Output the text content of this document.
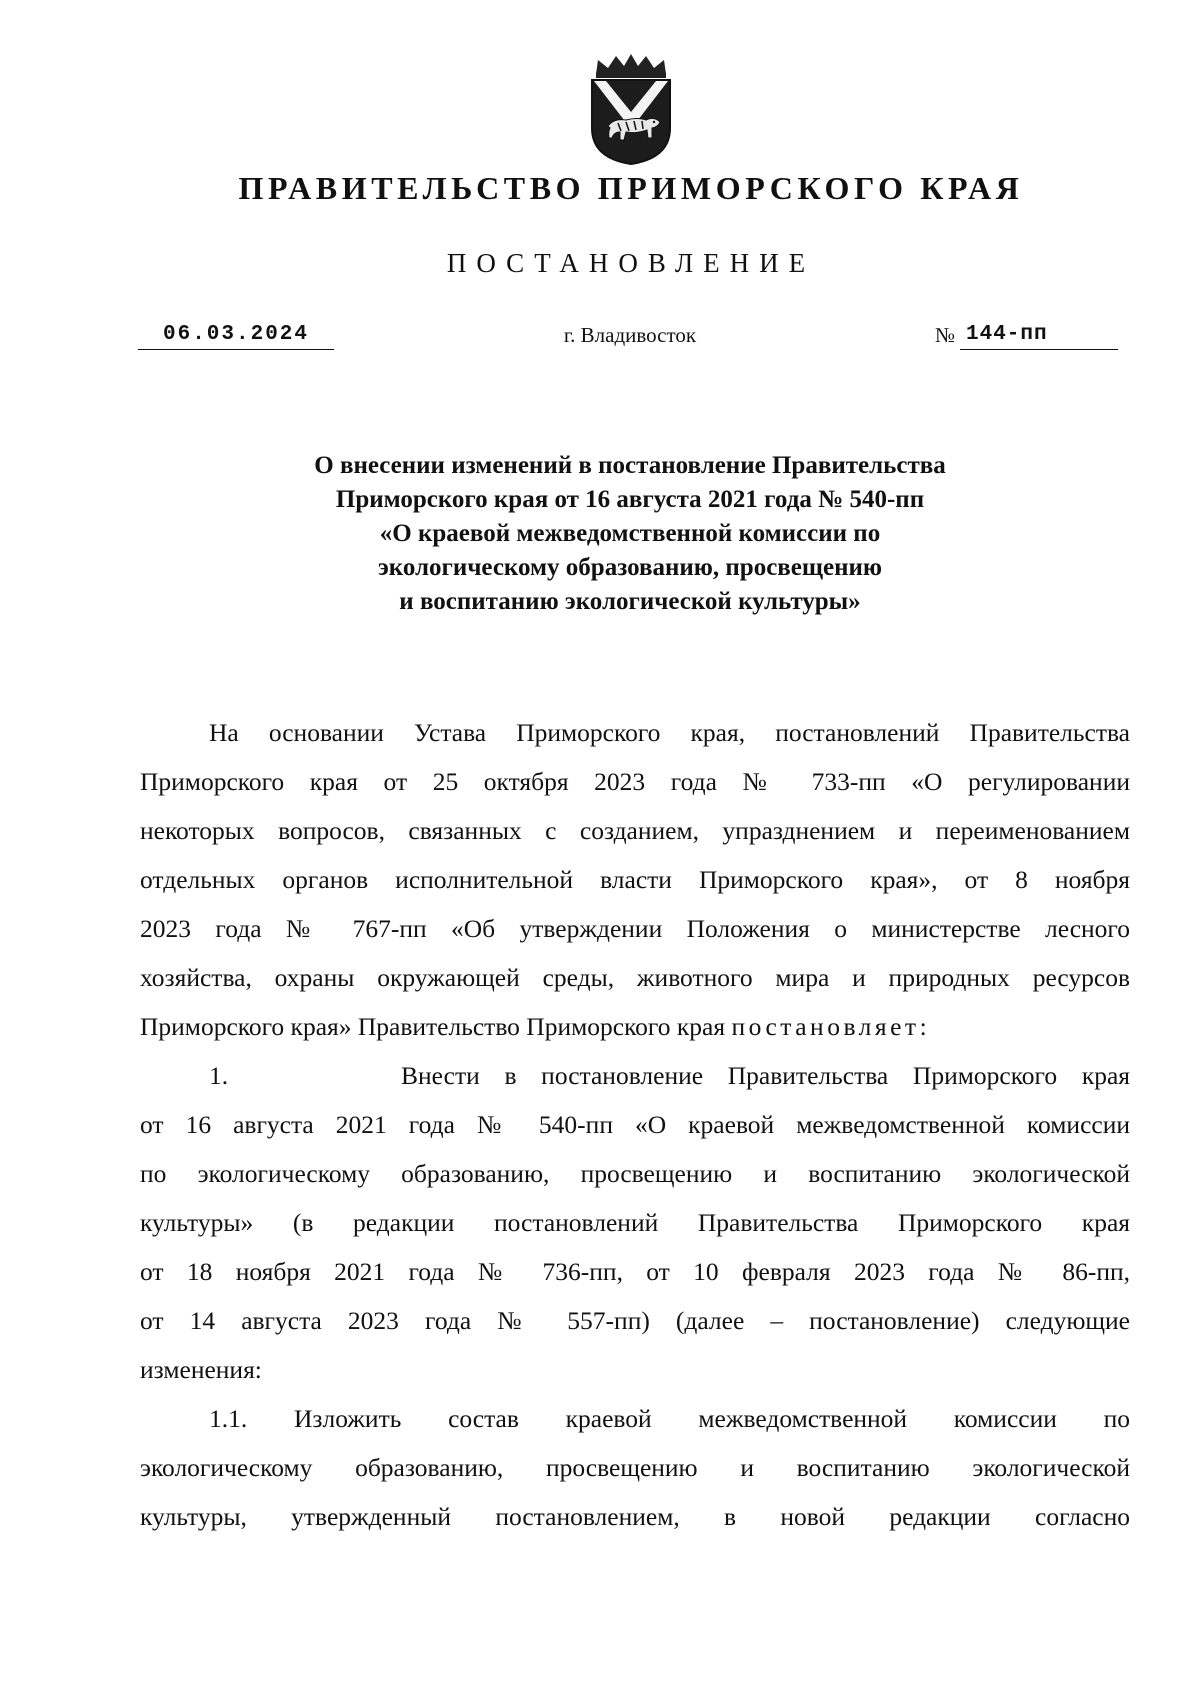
ПРАВИТЕЛЬСТВО ПРИМОРСКОГО КРАЯ
ПОСТАНОВЛЕНИЕ
06.03.2024	г. Владивосток	№ 144-пп
О внесении изменений в постановление Правительства
Приморского края от 16 августа 2021 года № 540-пп
«О краевой межведомственной комиссии по
экологическому образованию, просвещению
и воспитанию экологической культуры»
На основании Устава Приморского края, постановлений Правительства
Приморского края от 25 октября 2023 года № 733-пп «О регулировании
некоторых вопросов, связанных с созданием, упразднением и переименованием
отдельных органов исполнительной власти Приморского края», от 8 ноября
2023 года № 767-пп «Об утверждении Положения о министерстве лесного
хозяйства, охраны окружающей среды, животного мира и природных ресурсов
Приморского края» Правительство Приморского края постановляет:
1.	Внести в постановление Правительства Приморского края
от 16 августа 2021 года № 540-пп «О краевой межведомственной комиссии
по экологическому образованию, просвещению и воспитанию экологической
культуры» (в редакции постановлений Правительства Приморского края
от 18 ноября 2021 года № 736-пп, от 10 февраля 2023 года № 86-пп,
от 14 августа 2023 года № 557-пп) (далее – постановление) следующие
изменения:
1.1. Изложить состав краевой межведомственной комиссии по
экологическому образованию, просвещению и воспитанию экологической
культуры, утвержденный постановлением, в новой редакции согласно
